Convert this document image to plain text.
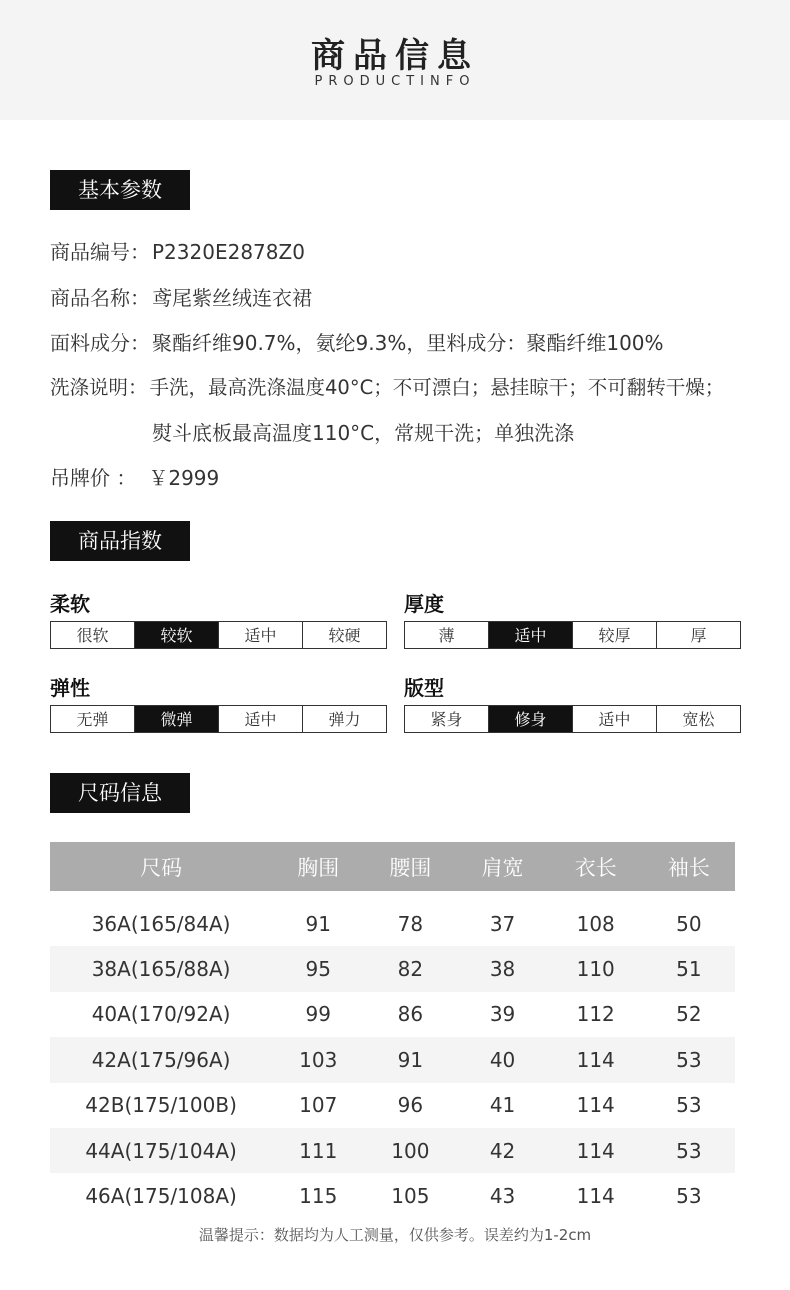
商品信息
PRODUCTINFO
基本参数
商品编号： P2320E2878Z0
商品名称： 鸢尾紫丝绒连衣裙
面料成分： 聚酯纤维90.7%，氨纶9.3%，里料成分：聚酯纤维100%
洗涤说明： 手洗，最高洗涤温度40°C；不可漂白；悬挂晾干；不可翻转干燥；
熨斗底板最高温度110°C，常规干洗；单独洗涤
吊牌价 ： ￥2999
商品指数
柔软
很软	较软	适中	较硬
厚度
薄	适中	较厚	厚
弹性
无弹	微弹	适中	弹力
版型
紧身	修身	适中	宽松
尺码信息
尺码	胸围	腰围	肩宽	衣长	袖长

36A(165/84A)	91	78	37	108	50
38A(165/88A)	95	82	38	110	51
40A(170/92A)	99	86	39	112	52
42A(175/96A)	103	91	40	114	53
42B(175/100B)	107	96	41	114	53
44A(175/104A)	111	100	42	114	53
46A(175/108A)	115	105	43	114	53
温馨提示：数据均为人工测量，仅供参考。误差约为1-2cm
